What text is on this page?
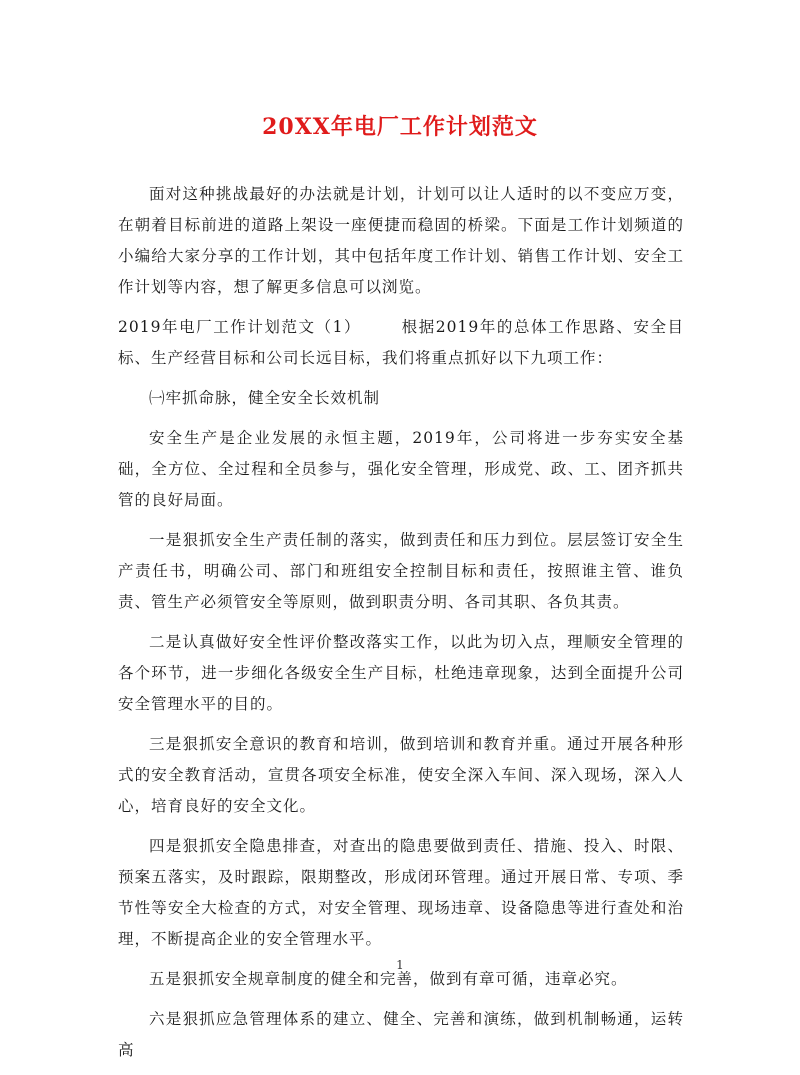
20XX年电厂工作计划范文

面对这种挑战最好的办法就是计划，计划可以让人适时的以不变应万变，在朝着目标前进的道路上架设一座便捷而稳固的桥梁。下面是工作计划频道的小编给大家分享的工作计划，其中包括年度工作计划、销售工作计划、安全工作计划等内容，想了解更多信息可以浏览。

2019年电厂工作计划范文（1）	根据2019年的总体工作思路、安全目标、生产经营目标和公司长远目标，我们将重点抓好以下九项工作：

㈠牢抓命脉，健全安全长效机制

安全生产是企业发展的永恒主题，2019年，公司将进一步夯实安全基础，全方位、全过程和全员参与，强化安全管理，形成党、政、工、团齐抓共管的良好局面。

一是狠抓安全生产责任制的落实，做到责任和压力到位。层层签订安全生产责任书，明确公司、部门和班组安全控制目标和责任，按照谁主管、谁负责、管生产必须管安全等原则，做到职责分明、各司其职、各负其责。

二是认真做好安全性评价整改落实工作，以此为切入点，理顺安全管理的各个环节，进一步细化各级安全生产目标，杜绝违章现象，达到全面提升公司安全管理水平的目的。

三是狠抓安全意识的教育和培训，做到培训和教育并重。通过开展各种形式的安全教育活动，宣贯各项安全标准，使安全深入车间、深入现场，深入人心，培育良好的安全文化。

四是狠抓安全隐患排查，对查出的隐患要做到责任、措施、投入、时限、预案五落实，及时跟踪，限期整改，形成闭环管理。通过开展日常、专项、季节性等安全大检查的方式，对安全管理、现场违章、设备隐患等进行查处和治理，不断提高企业的安全管理水平。

五是狠抓安全规章制度的健全和完善，做到有章可循，违章必究。

六是狠抓应急管理体系的建立、健全、完善和演练，做到机制畅通，运转高

1
